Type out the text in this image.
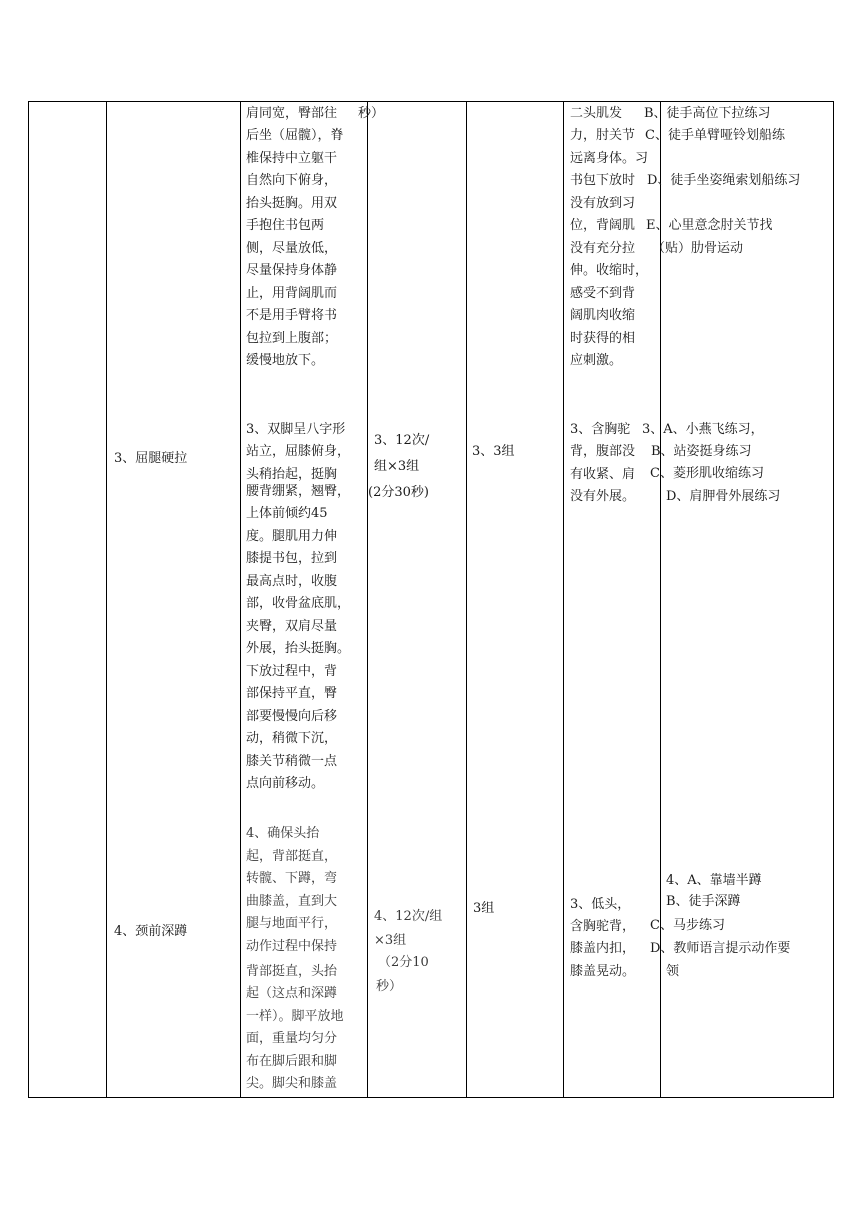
肩同宽，臀部往 秒）
后坐（屈髋），脊
椎保持中立躯干
自然向下俯身，
抬头挺胸。用双
手抱住书包两
侧，尽量放低，
尽量保持身体静
止，用背阔肌而
不是用手臂将书
包拉到上腹部；
缓慢地放下。
二头肌发
力，肘关节
远离身体。习
书包下放时
没有放到习
位，背阔肌
没有充分拉
伸。收缩时，
感受不到背
阔肌肉收缩
时获得的相
应刺激。
B、徒手高位下拉练习
C、徒手单臂哑铃划船练
D、徒手坐姿绳索划船练习
E、心里意念肘关节找
（贴）肋骨运动
3、屈腿硬拉
3、双脚呈八字形
站立，屈膝俯身，
头稍抬起，挺胸
腰背绷紧，翘臀，
上体前倾约45
度。腿肌用力伸
膝提书包，拉到
最高点时，收腹
部，收骨盆底肌，
夹臀，双肩尽量
外展，抬头挺胸。
下放过程中，背
部保持平直，臀
部要慢慢向后移
动，稍微下沉，
膝关节稍微一点
点向前移动。
3、12次/
组×3组
(2分30秒)
3、3组
3、含胸驼
背，腹部没
有收紧、肩
没有外展。
3、A、小燕飞练习，
B、站姿挺身练习
C、菱形肌收缩练习
D、肩胛骨外展练习
4、颈前深蹲
4、确保头抬
起，背部挺直，
转髋、下蹲，弯
曲膝盖，直到大
腿与地面平行，
动作过程中保持
背部挺直，头抬
起（这点和深蹲
一样）。脚平放地
面，重量均匀分
布在脚后跟和脚
尖。脚尖和膝盖
4、12次/组
×3组
（2分10
秒）
3组	3、低头，
含胸驼背，
膝盖内扣，
膝盖晃动。
4、A、靠墙半蹲
B、徒手深蹲
C、马步练习
D、教师语言提示动作要
领
